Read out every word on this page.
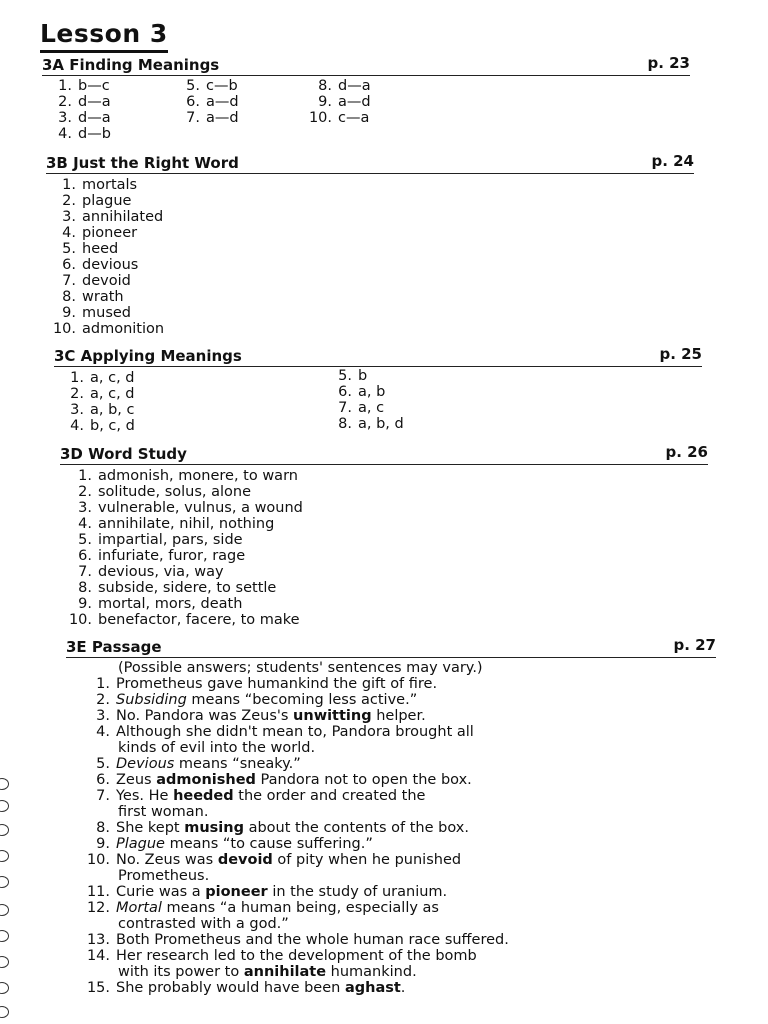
Lesson 3
3A Finding Meanings	p. 23
1. b—c
2. d—a
3. d—a
4. d—b
5. c—b
6. a—d
7. a—d
8. d—a
9. a—d
10. c—a
3B Just the Right Word	p. 24
1. mortals
2. plague
3. annihilated
4. pioneer
5. heed
6. devious
7. devoid
8. wrath
9. mused
10. admonition
3C Applying Meanings	p. 25
1. a, c, d
2. a, c, d
3. a, b, c
4. b, c, d
5. b
6. a, b
7. a, c
8. a, b, d
3D Word Study	p. 26
1. admonish, monere, to warn
2. solitude, solus, alone
3. vulnerable, vulnus, a wound
4. annihilate, nihil, nothing
5. impartial, pars, side
6. infuriate, furor, rage
7. devious, via, way
8. subside, sidere, to settle
9. mortal, mors, death
10. benefactor, facere, to make
3E Passage	p. 27
(Possible answers; students' sentences may vary.)
1. Prometheus gave humankind the gift of fire.
2. Subsiding means “becoming less active.”
3. No. Pandora was Zeus's unwitting helper.
4. Although she didn't mean to, Pandora brought all
kinds of evil into the world.
5. Devious means “sneaky.”
6. Zeus admonished Pandora not to open the box.
7. Yes. He heeded the order and created the
first woman.
8. She kept musing about the contents of the box.
9. Plague means “to cause suffering.”
10. No. Zeus was devoid of pity when he punished
Prometheus.
11. Curie was a pioneer in the study of uranium.
12. Mortal means “a human being, especially as
contrasted with a god.”
13. Both Prometheus and the whole human race suffered.
14. Her research led to the development of the bomb
with its power to annihilate humankind.
15. She probably would have been aghast.
